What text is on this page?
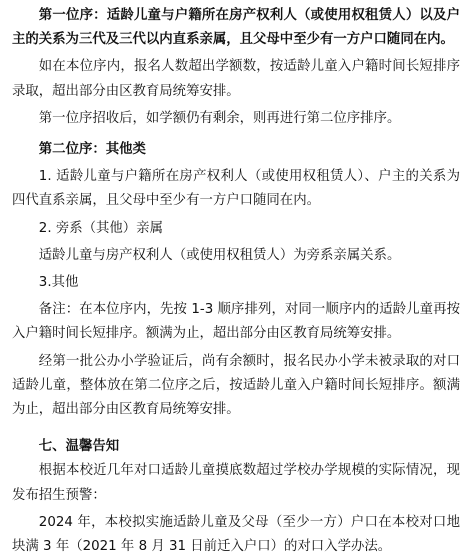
第一位序：适龄儿童与户籍所在房产权利人（或使用权租赁人）以及户主的关系为三代及三代以内直系亲属，且父母中至少有一方户口随同在内。

如在本位序内，报名人数超出学额数，按适龄儿童入户籍时间长短排序录取，超出部分由区教育局统筹安排。

第一位序招收后，如学额仍有剩余，则再进行第二位序排序。

第二位序：其他类

1. 适龄儿童与户籍所在房产权利人（或使用权租赁人）、户主的关系为四代直系亲属，且父母中至少有一方户口随同在内。

2. 旁系（其他）亲属

适龄儿童与房产权利人（或使用权租赁人）为旁系亲属关系。

3.其他

备注：在本位序内，先按 1-3 顺序排列，对同一顺序内的适龄儿童再按入户籍时间长短排序。额满为止，超出部分由区教育局统筹安排。

经第一批公办小学验证后，尚有余额时，报名民办小学未被录取的对口适龄儿童，整体放在第二位序之后，按适龄儿童入户籍时间长短排序。额满为止，超出部分由区教育局统筹安排。

七、温馨告知

根据本校近几年对口适龄儿童摸底数超过学校办学规模的实际情况，现发布招生预警：

2024 年，本校拟实施适龄儿童及父母（至少一方）户口在本校对口地块满 3 年（2021 年 8 月 31 日前迁入户口）的对口入学办法。
